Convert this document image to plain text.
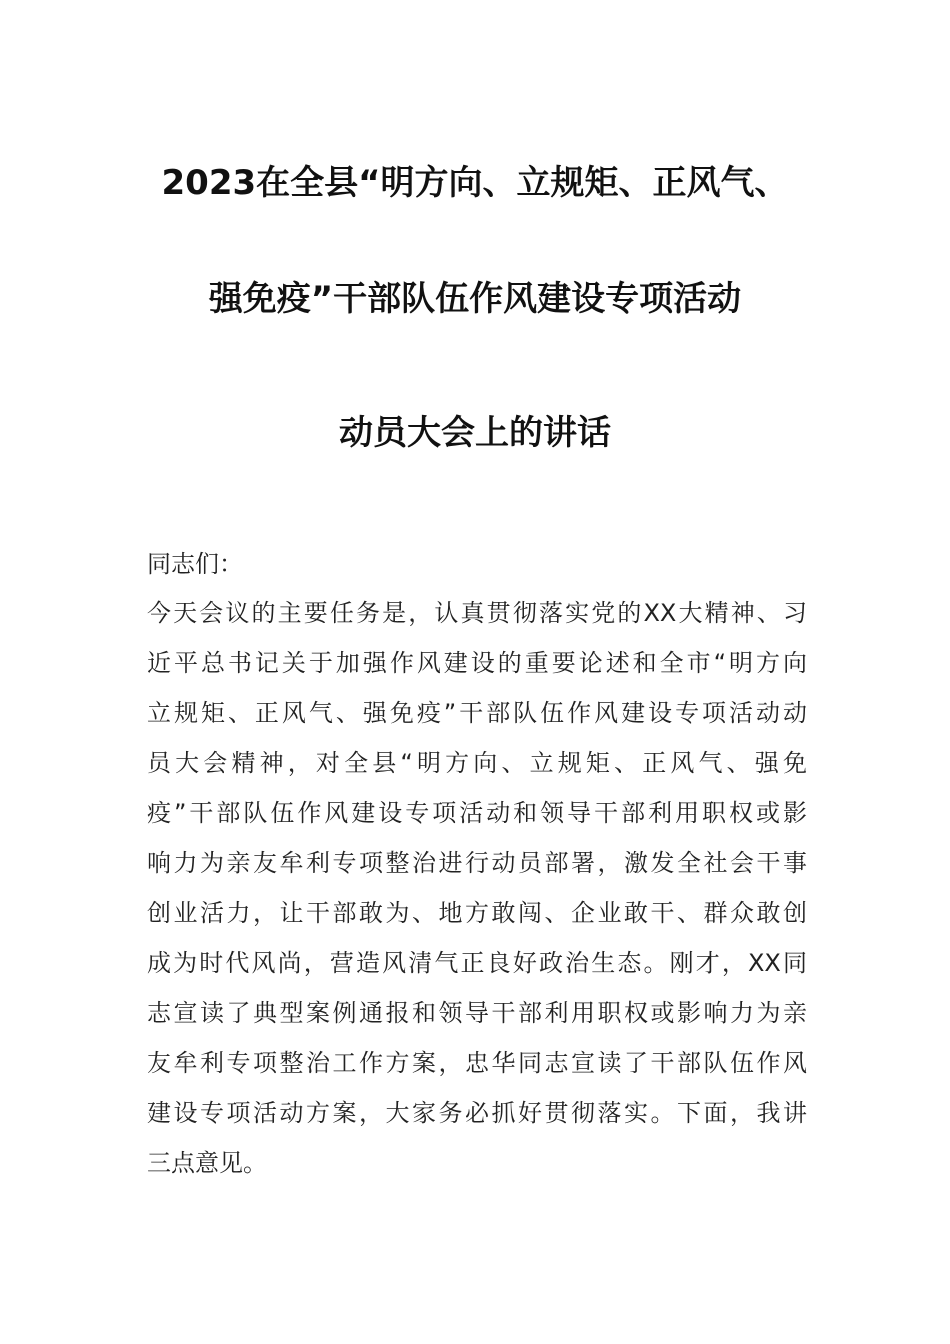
2023在全县“明方向、立规矩、正风气、
强免疫”干部队伍作风建设专项活动
动员大会上的讲话
同志们：
今天会议的主要任务是，认真贯彻落实党的XX大精神、习
近平总书记关于加强作风建设的重要论述和全市“明方向
立规矩、正风气、强免疫”干部队伍作风建设专项活动动
员大会精神，对全县“明方向、立规矩、正风气、强免
疫”干部队伍作风建设专项活动和领导干部利用职权或影
响力为亲友牟利专项整治进行动员部署，激发全社会干事
创业活力，让干部敢为、地方敢闯、企业敢干、群众敢创
成为时代风尚，营造风清气正良好政治生态。刚才，XX同
志宣读了典型案例通报和领导干部利用职权或影响力为亲
友牟利专项整治工作方案，忠华同志宣读了干部队伍作风
建设专项活动方案，大家务必抓好贯彻落实。下面，我讲
三点意见。
